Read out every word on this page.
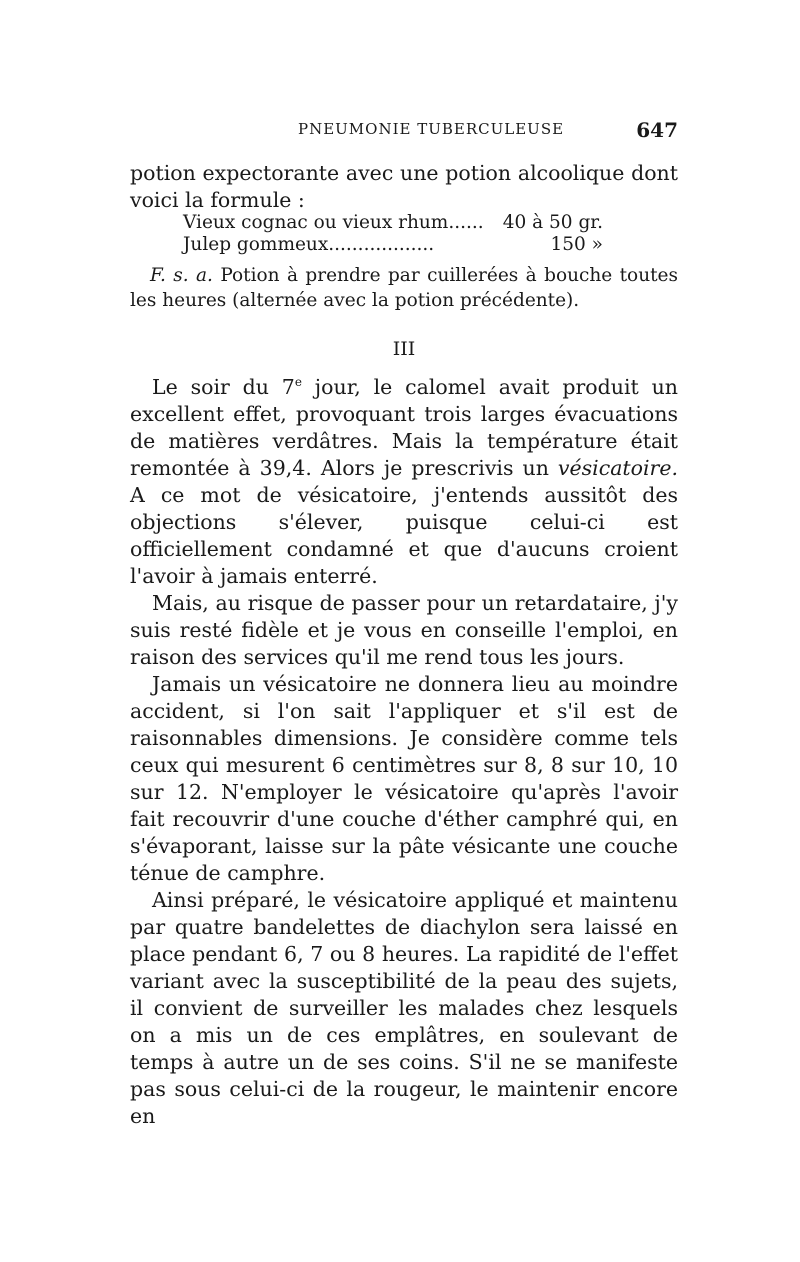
PNEUMONIE TUBERCULEUSE	647

potion expectorante avec une potion alcoolique dont voici la formule :

Vieux cognac ou vieux rhum...... 40 à 50 gr.
Julep gommeux..................	150 »

F. s. a. Potion à prendre par cuillerées à bouche toutes les heures (alternée avec la potion précédente).

III

Le soir du 7e jour, le calomel avait produit un excellent effet, provoquant trois larges évacuations de matières verdâtres. Mais la température était remontée à 39,4. Alors je prescrivis un vésicatoire. A ce mot de vésicatoire, j'entends aussitôt des objections s'élever, puisque celui-ci est officiellement condamné et que d'aucuns croient l'avoir à jamais enterré.

Mais, au risque de passer pour un retardataire, j'y suis resté fidèle et je vous en conseille l'emploi, en raison des services qu'il me rend tous les jours.

Jamais un vésicatoire ne donnera lieu au moindre accident, si l'on sait l'appliquer et s'il est de raisonnables dimensions. Je considère comme tels ceux qui mesurent 6 centimètres sur 8, 8 sur 10, 10 sur 12. N'employer le vésicatoire qu'après l'avoir fait recouvrir d'une couche d'éther camphré qui, en s'évaporant, laisse sur la pâte vésicante une couche ténue de camphre.

Ainsi préparé, le vésicatoire appliqué et maintenu par quatre bandelettes de diachylon sera laissé en place pendant 6, 7 ou 8 heures. La rapidité de l'effet variant avec la susceptibilité de la peau des sujets, il convient de surveiller les malades chez lesquels on a mis un de ces emplâtres, en soulevant de temps à autre un de ses coins. S'il ne se manifeste pas sous celui-ci de la rougeur, le maintenir encore en
